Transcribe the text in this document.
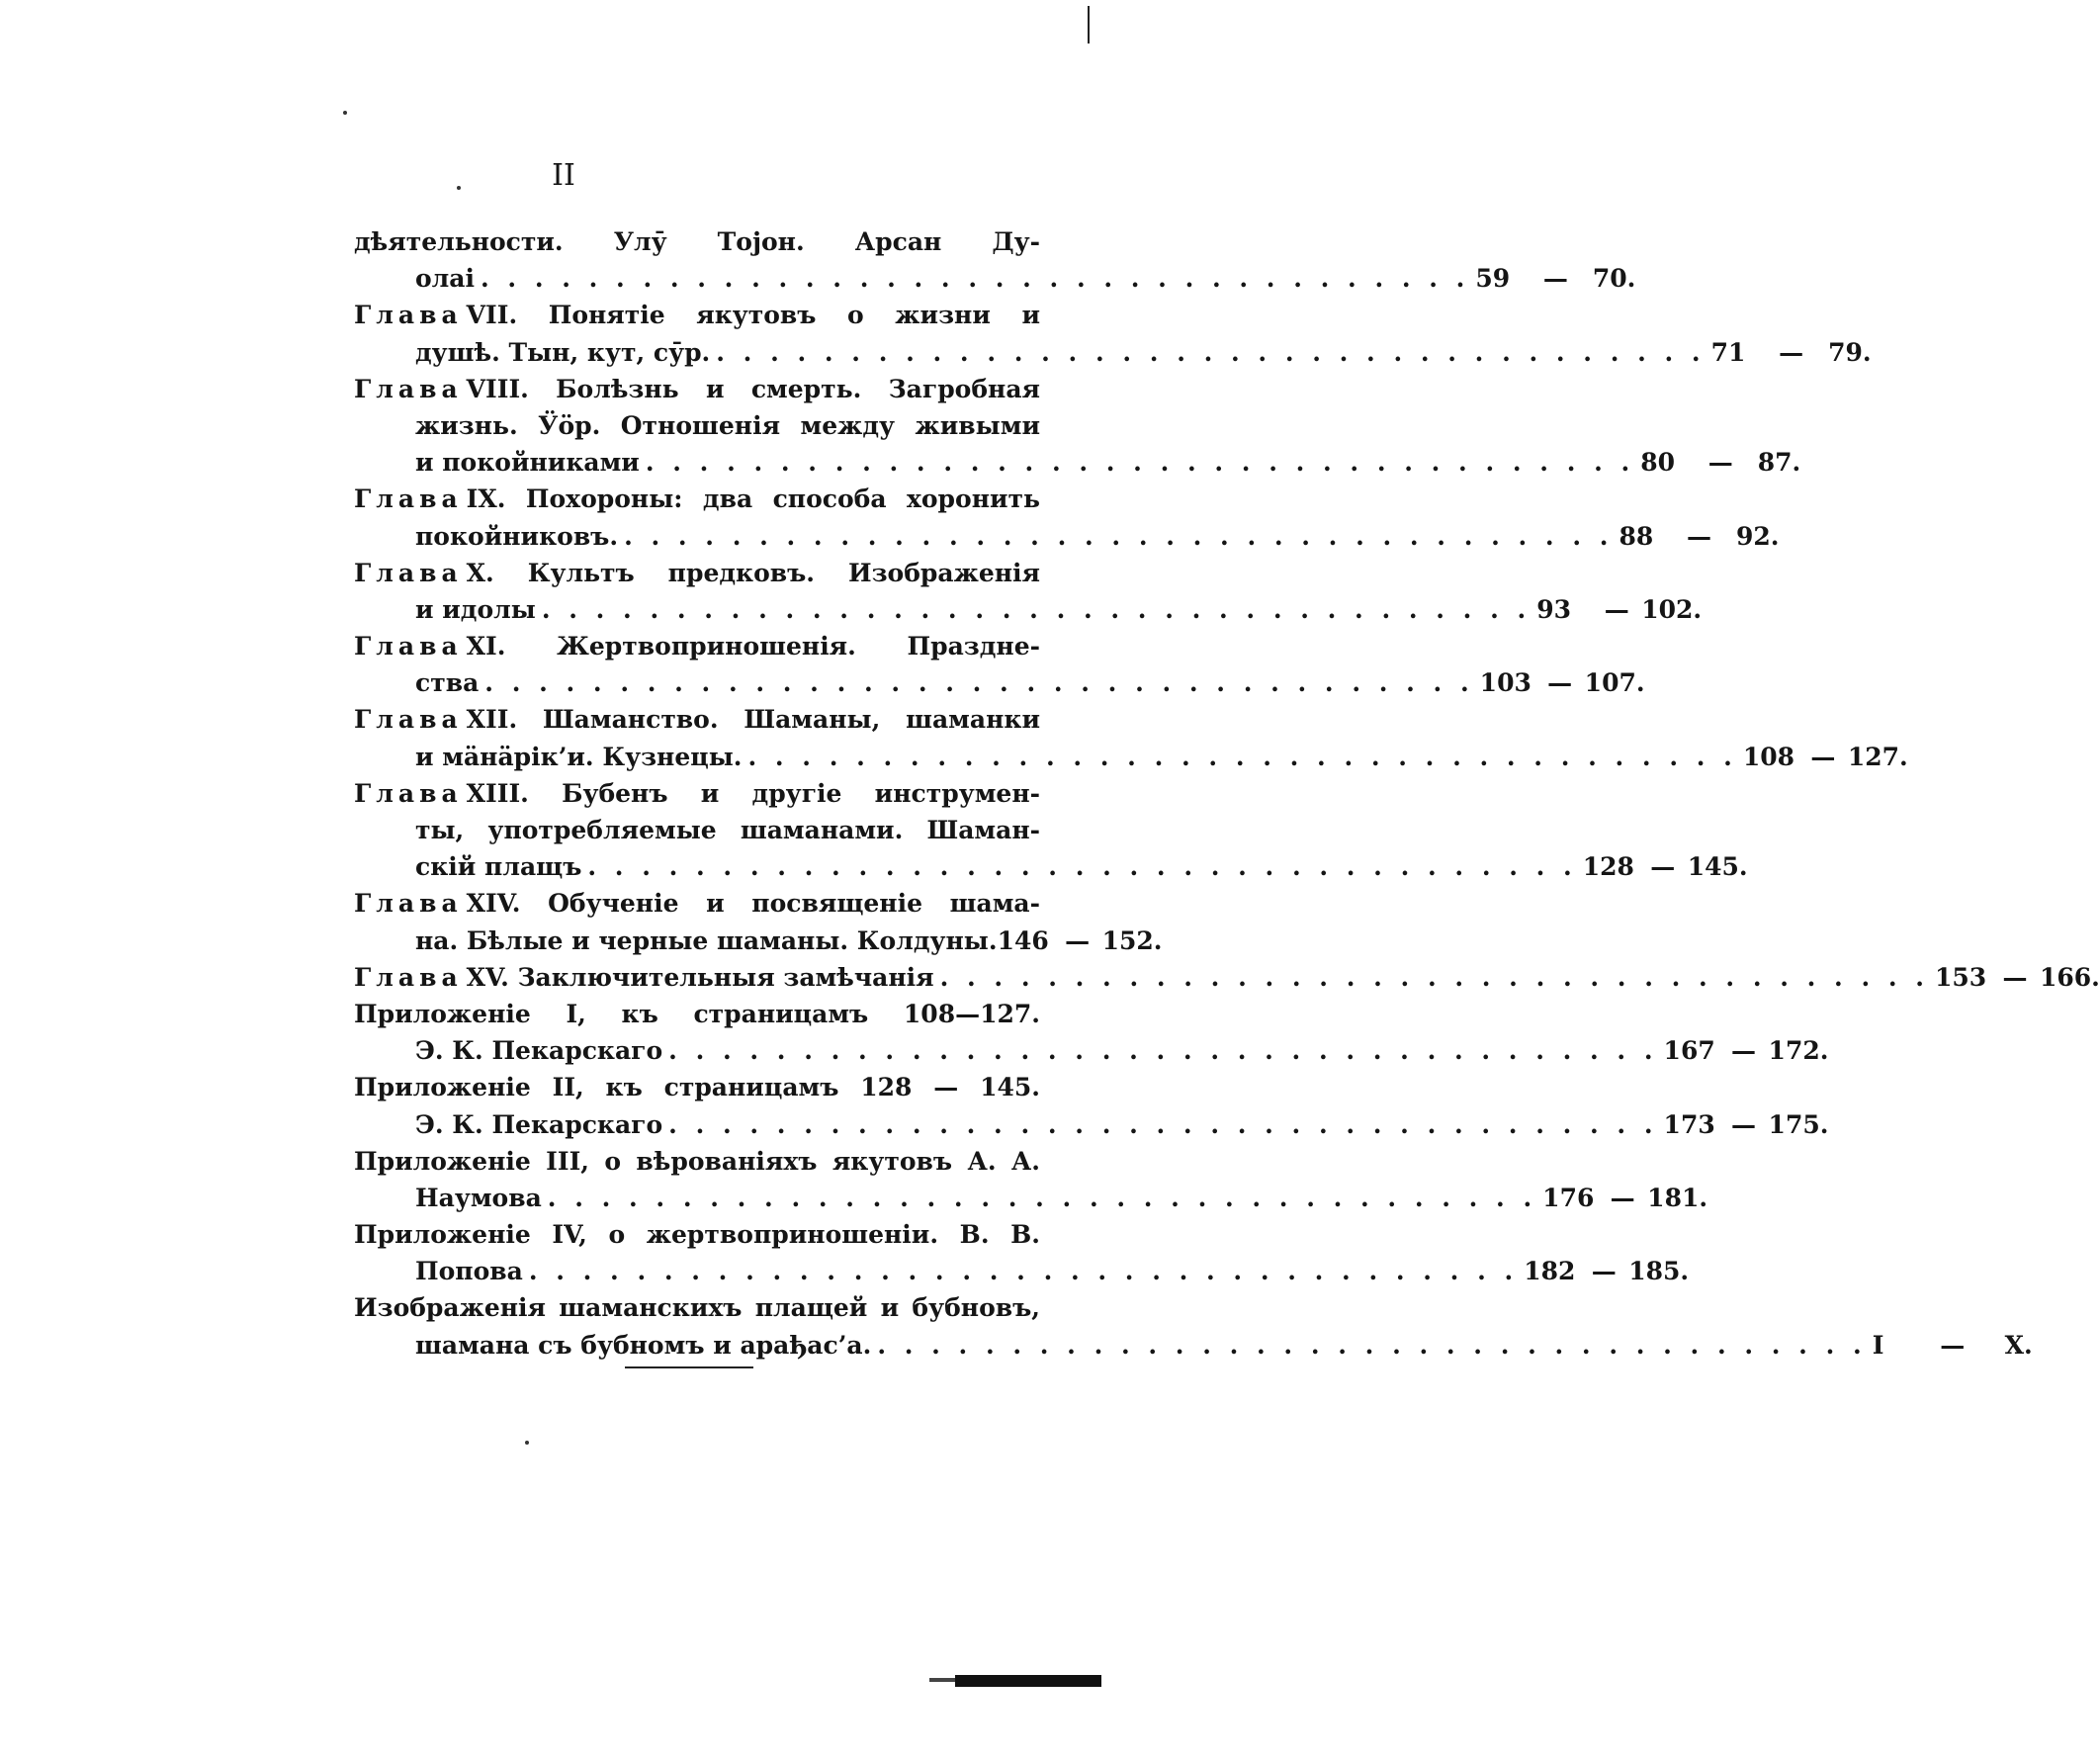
II
дѣятельности. Улӯ Тојон. Арсан Ду-
олаі . . . . . . . . . . . . . . . . . . . . . . . . . . . . . . . . . . . . . 59	—	70.
Глава VII. Понятіе якутовъ о жизни и
душѣ. Тын, кут, сӯр. . . . . . . . . . . . . . . . . . . . . . . . . . . . . . . . . . . . . . 71	—	79.
Глава VIII. Болѣзнь и смерть. Загробная
жизнь. Ӱӧр. Отношенія между живыми
и покойниками . . . . . . . . . . . . . . . . . . . . . . . . . . . . . . . . . . . . . 80	—	87.
Глава IX. Похороны: два способа хоронить
покойниковъ. . . . . . . . . . . . . . . . . . . . . . . . . . . . . . . . . . . . . . 88	—	92.
Глава X. Культъ предковъ. Изображенія
и идолы . . . . . . . . . . . . . . . . . . . . . . . . . . . . . . . . . . . . . 93	— 102.
Глава XI. Жертвоприношенія. Праздне-
ства . . . . . . . . . . . . . . . . . . . . . . . . . . . . . . . . . . . . . 103 — 107.
Глава XII. Шаманство. Шаманы, шаманки
и мӓнӓрік’и. Кузнецы. . . . . . . . . . . . . . . . . . . . . . . . . . . . . . . . . . . . . . 108 — 127.
Глава XIII. Бубенъ и другіе инструмен-
ты, употребляемые шаманами. Шаман-
скій плащъ . . . . . . . . . . . . . . . . . . . . . . . . . . . . . . . . . . . . . 128 — 145.
Глава XIV. Обученіе и посвященіе шама-
на. Бѣлые и черные шаманы. Колдуны. 146 — 152.
Глава XV. Заключительныя замѣчанія . . . . . . . . . . . . . . . . . . . . . . . . . . . . . . . . . . . . . 153 — 166.
Приложеніе I, къ страницамъ 108—127.
Э. К. Пекарскаго . . . . . . . . . . . . . . . . . . . . . . . . . . . . . . . . . . . . . 167 — 172.
Приложеніе II, къ страницамъ 128 — 145.
Э. К. Пекарскаго . . . . . . . . . . . . . . . . . . . . . . . . . . . . . . . . . . . . . 173 — 175.
Приложеніе III, о вѣрованіяхъ якутовъ А. А.
Наумова . . . . . . . . . . . . . . . . . . . . . . . . . . . . . . . . . . . . . 176 — 181.
Приложеніе IV, о жертвоприношеніи. В. В.
Попова . . . . . . . . . . . . . . . . . . . . . . . . . . . . . . . . . . . . . 182 — 185.
Изображенія шаманскихъ плащей и бубновъ,
шамана съ бубномъ и арађас’а. . . . . . . . . . . . . . . . . . . . . . . . . . . . . . . . . . . . . . I	—	X.
